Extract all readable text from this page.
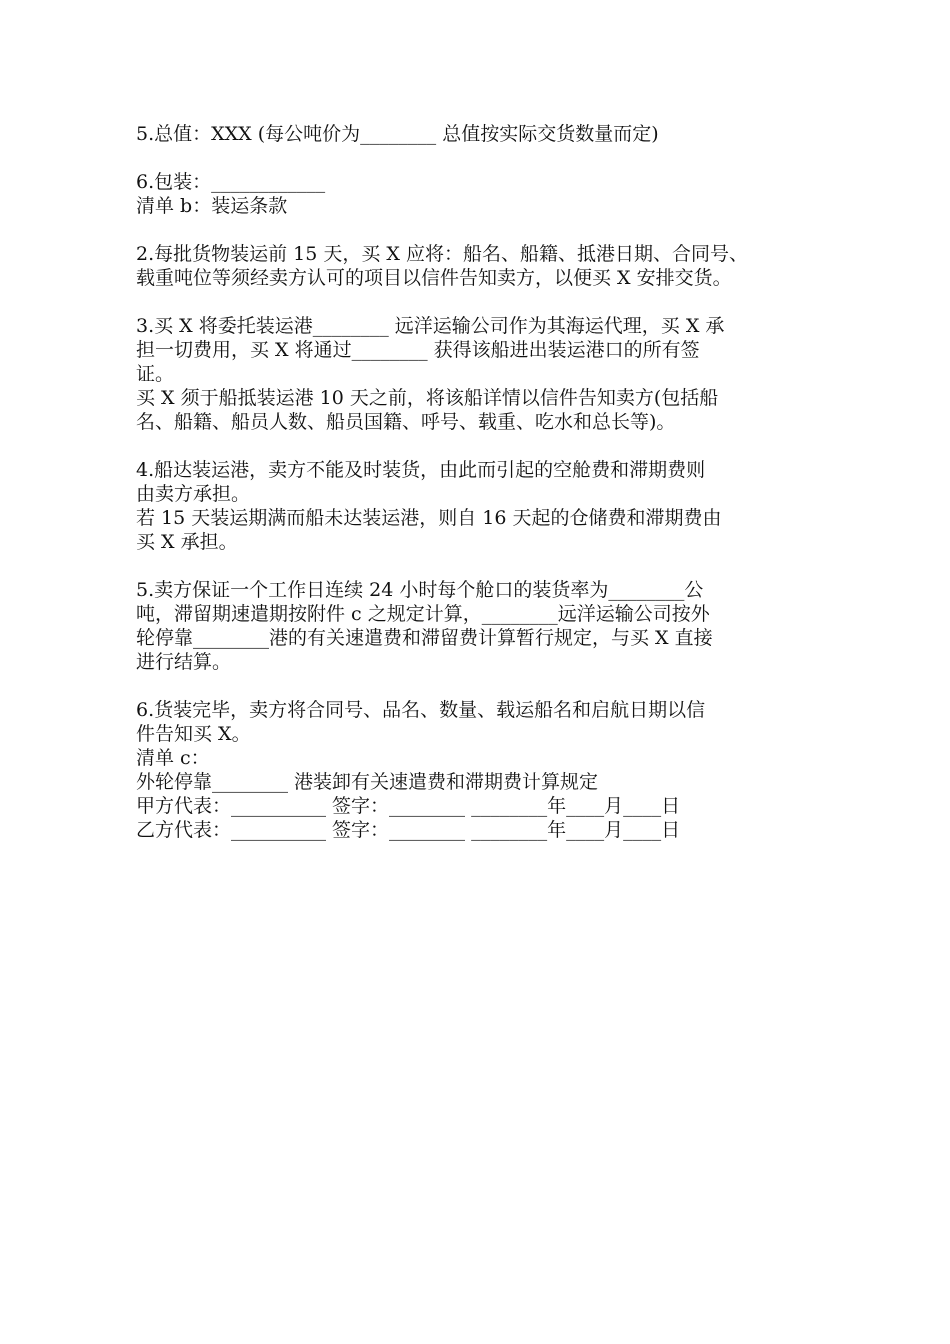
5.总值：XXX (每公吨价为________ 总值按实际交货数量而定)
6.包装：____________
清单 b：装运条款
2.每批货物装运前 15 天，买 X 应将：船名、船籍、抵港日期、合同号、
载重吨位等须经卖方认可的项目以信件告知卖方，以便买 X 安排交货。
3.买 X 将委托装运港________ 远洋运输公司作为其海运代理，买 X 承
担一切费用，买 X 将通过________ 获得该船进出装运港口的所有签
证。
买 X 须于船抵装运港 10 天之前，将该船详情以信件告知卖方(包括船
名、船籍、船员人数、船员国籍、呼号、载重、吃水和总长等)。
4.船达装运港，卖方不能及时装货，由此而引起的空舱费和滞期费则
由卖方承担。
若 15 天装运期满而船未达装运港，则自 16 天起的仓储费和滞期费由
买 X 承担。
5.卖方保证一个工作日连续 24 小时每个舱口的装货率为________公
吨，滞留期速遣期按附件 c 之规定计算，________远洋运输公司按外
轮停靠________港的有关速遣费和滞留费计算暂行规定，与买 X 直接
进行结算。
6.货装完毕，卖方将合同号、品名、数量、载运船名和启航日期以信
件告知买 X。
清单 c：
外轮停靠________ 港装卸有关速遣费和滞期费计算规定
甲方代表：__________ 签字：________ ________年____月____日
乙方代表：__________ 签字：________ ________年____月____日
